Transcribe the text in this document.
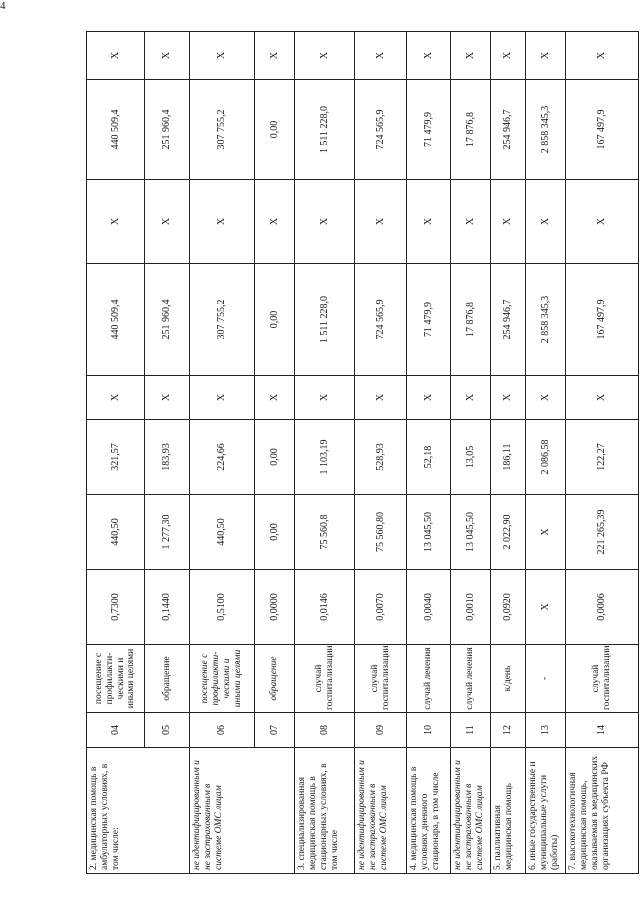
4
2. медицинская помощь в амбулаторных условиях, в том числе:	04	посещение с профилакти-ческими и иными целями	0,7300	440,50	321,57	X	440 509,4	X	440 509,4	X
	05	обращение	0,1440	1 277,30	183,93	X	251 960,4	X	251 960,4	X
не идентифицированным и не застрахованным в системе ОМС лицам	06	посещение с профилакти-ческими и иными целями	0,5100	440,50	224,66	X	307 755,2	X	307 755,2	X
	07	обращение	0,0000	0,00	0,00	X	0,00	X	0,00	X
3. специализированная медицинская помощь в стационарных условиях, в том числе	08	случай госпитализации	0,0146	75 560,8	1 103,19	X	1 511 228,0	X	1 511 228,0	X
не идентифицированным и не застрахованным в системе ОМС лицам	09	случай госпитализации	0,0070	75 560,80	528,93	X	724 565,9	X	724 565,9	X
4. медицинская помощь в условиях дневного стационара, в том числе	10	случай лечения	0,0040	13 045,50	52,18	X	71 479,9	X	71 479,9	X
не идентифицированным и не застрахованным в системе ОМС лицам	11	случай лечения	0,0010	13 045,50	13,05	X	17 876,8	X	17 876,8	X
5. паллиативная медицинская помощь	12	к/день	0,0920	2 022,90	186,11	X	254 946,7	X	254 946,7	X
6. иные государственные и муниципальные услуги (работы)	13	-	X	X	2 086,58	X	2 858 345,3	X	2 858 345,3	X
7. высокотехнологичная медицинская помощь, оказываемая в медицинских организациях субъекта РФ	14	случай госпитализации	0,0006	221 265,39	122,27	X	167 497,9	X	167 497,9	X
